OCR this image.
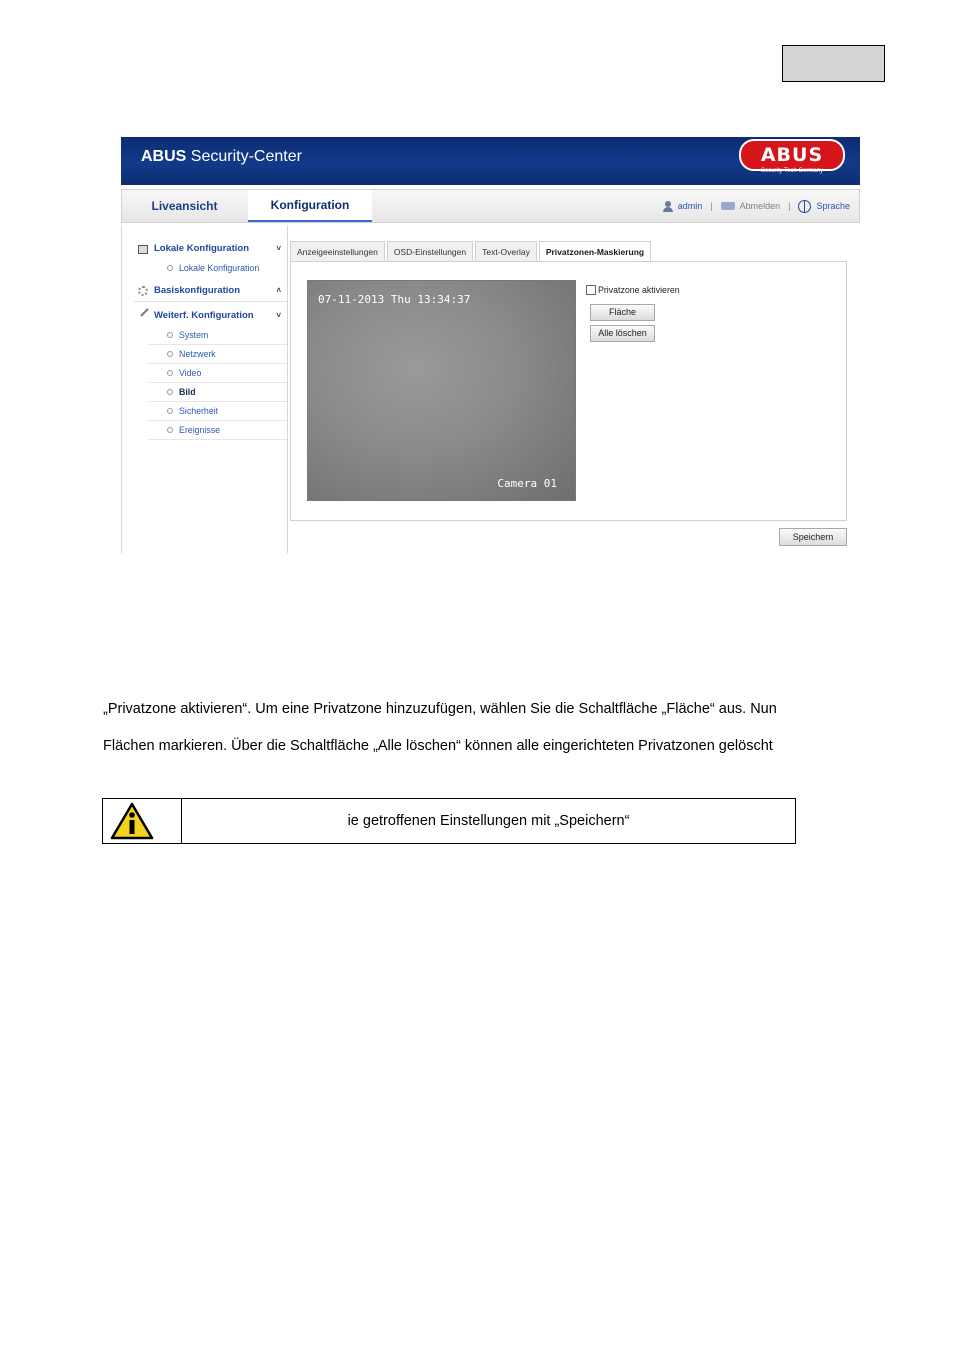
ABUS Security-Center	ABUS
Security Tech Germany
Liveansicht	Konfiguration	admin |	Abmelden |	Sprache
Lokale Konfiguration	˅
Lokale Konfiguration
Basiskonfiguration	˄
Weiterf. Konfiguration	˅
System
Netzwerk
Video
Bild
Sicherheit
Ereignisse
Anzeigeeinstellungen	OSD-Einstellungen	Text-Overlay	Privatzonen-Maskierung
07-11-2013 Thu 13:34:37
Camera 01
Privatzone aktivieren
Fläche
Alle löschen
Speichern
„Privatzone aktivieren“. Um eine Privatzone hinzuzufügen, wählen Sie die Schaltfläche „Fläche“ aus. Nun
Flächen markieren. Über die Schaltfläche „Alle löschen“ können alle eingerichteten Privatzonen gelöscht
ie getroffenen Einstellungen mit „Speichern“
